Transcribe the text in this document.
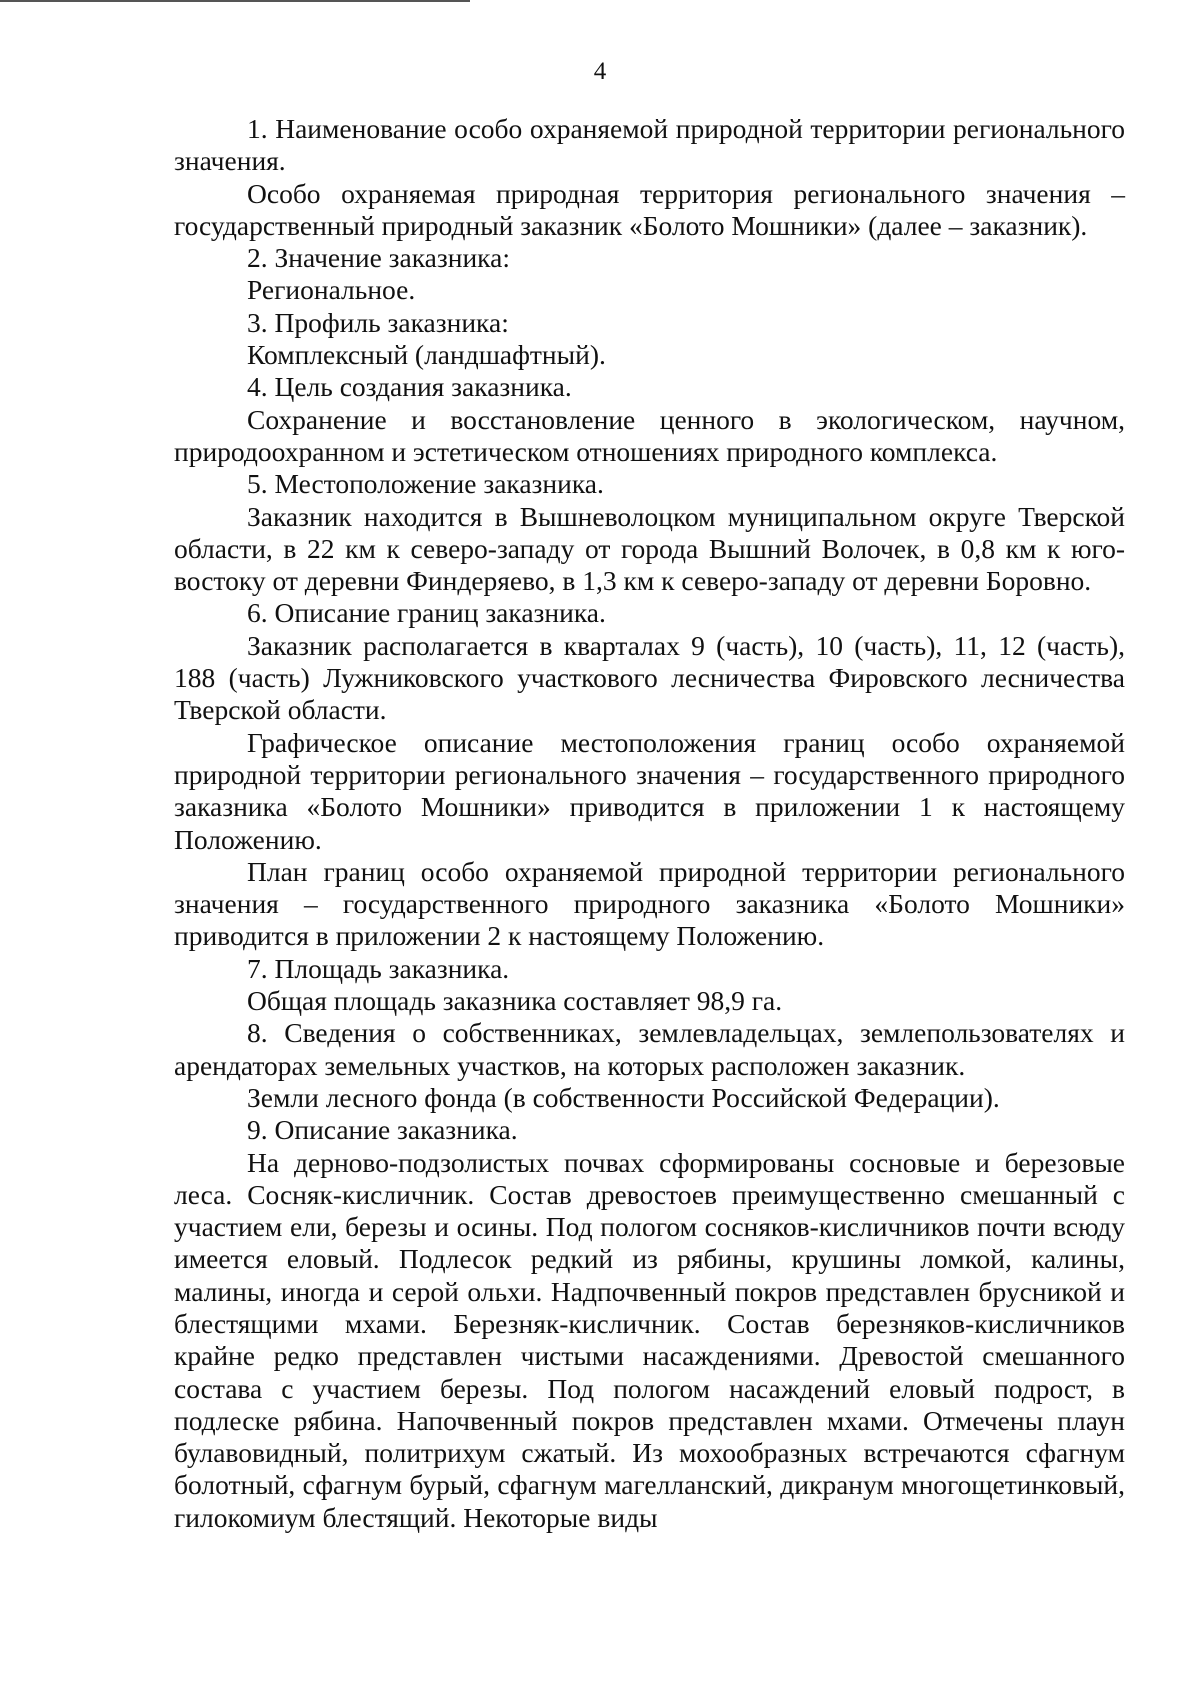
4

1. Наименование особо охраняемой природной территории регионального значения.

Особо охраняемая природная территория регионального значения – государственный природный заказник «Болото Мошники» (далее – заказник).

2. Значение заказника:

Региональное.

3. Профиль заказника:

Комплексный (ландшафтный).

4. Цель создания заказника.

Сохранение и восстановление ценного в экологическом, научном, природоохранном и эстетическом отношениях природного комплекса.

5. Местоположение заказника.

Заказник находится в Вышневолоцком муниципальном округе Тверской области, в 22 км к северо-западу от города Вышний Волочек, в 0,8 км к юго-востоку от деревни Финдеряево, в 1,3 км к северо-западу от деревни Боровно.

6. Описание границ заказника.

Заказник располагается в кварталах 9 (часть), 10 (часть), 11, 12 (часть), 188 (часть) Лужниковского участкового лесничества Фировского лесничества Тверской области.

Графическое описание местоположения границ особо охраняемой природной территории регионального значения – государственного природного заказника «Болото Мошники» приводится в приложении 1 к настоящему Положению.

План границ особо охраняемой природной территории регионального значения – государственного природного заказника «Болото Мошники» приводится в приложении 2 к настоящему Положению.

7. Площадь заказника.

Общая площадь заказника составляет 98,9 га.

8. Сведения о собственниках, землевладельцах, землепользователях и арендаторах земельных участков, на которых расположен заказник.

Земли лесного фонда (в собственности Российской Федерации).

9. Описание заказника.

На дерново-подзолистых почвах сформированы сосновые и березовые леса. Сосняк-кисличник. Состав древостоев преимущественно смешанный с участием ели, березы и осины. Под пологом сосняков-кисличников почти всюду имеется еловый. Подлесок редкий из рябины, крушины ломкой, калины, малины, иногда и серой ольхи. Надпочвенный покров представлен брусникой и блестящими мхами. Березняк-кисличник. Состав березняков-кисличников крайне редко представлен чистыми насаждениями. Древостой смешанного состава с участием березы. Под пологом насаждений еловый подрост, в подлеске рябина. Напочвенный покров представлен мхами. Отмечены плаун булавовидный, политрихум сжатый. Из мохообразных встречаются сфагнум болотный, сфагнум бурый, сфагнум магелланский, дикранум многощетинковый, гилокомиум блестящий. Некоторые виды
